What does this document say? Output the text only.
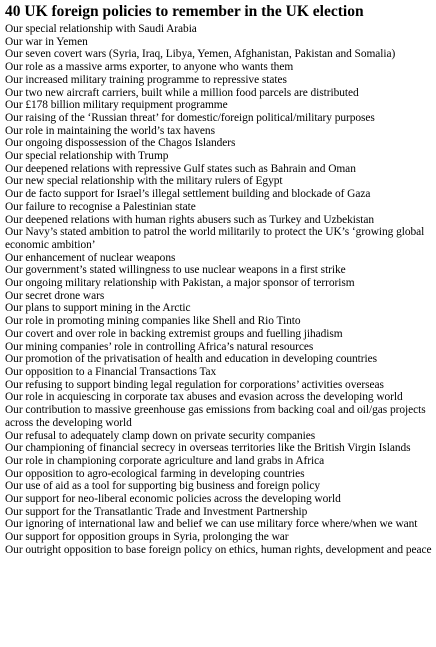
40 UK foreign policies to remember in the UK election
Our special relationship with Saudi Arabia
Our war in Yemen
Our seven covert wars (Syria, Iraq, Libya, Yemen, Afghanistan, Pakistan and Somalia)
Our role as a massive arms exporter, to anyone who wants them
Our increased military training programme to repressive states
Our two new aircraft carriers, built while a million food parcels are distributed
Our £178 billion military requipment programme
Our raising of the ‘Russian threat’ for domestic/foreign political/military purposes
Our role in maintaining the world’s tax havens
Our ongoing dispossession of the Chagos Islanders
Our special relationship with Trump
Our deepened relations with repressive Gulf states such as Bahrain and Oman
Our new special relationship with the military rulers of Egypt
Our de facto support for Israel’s illegal settlement building and blockade of Gaza
Our failure to recognise a Palestinian state
Our deepened relations with human rights abusers such as Turkey and Uzbekistan
Our Navy’s stated ambition to patrol the world militarily to protect the UK’s ‘growing global economic ambition’
Our enhancement of nuclear weapons
Our government’s stated willingness to use nuclear weapons in a first strike
Our ongoing military relationship with Pakistan, a major sponsor of terrorism
Our secret drone wars
Our plans to support mining in the Arctic
Our role in promoting mining companies like Shell and Rio Tinto
Our covert and over role in backing extremist groups and fuelling jihadism
Our mining companies’ role in controlling Africa’s natural resources
Our promotion of the privatisation of health and education in developing countries
Our opposition to a Financial Transactions Tax
Our refusing to support binding legal regulation for corporations’ activities overseas
Our role in acquiescing in corporate tax abuses and evasion across the developing world
Our contribution to massive greenhouse gas emissions from backing coal and oil/gas projects across the developing world
Our refusal to adequately clamp down on private security companies
Our championing of financial secrecy in overseas territories like the British Virgin Islands
Our role in championing corporate agriculture and land grabs in Africa
Our opposition to agro-ecological farming in developing countries
Our use of aid as a tool for supporting big business and foreign policy
Our support for neo-liberal economic policies across the developing world
Our support for the Transatlantic Trade and Investment Partnership
Our ignoring of international law and belief we can use military force where/when we want
Our support for opposition groups in Syria, prolonging the war
Our outright opposition to base foreign policy on ethics, human rights, development and peace
